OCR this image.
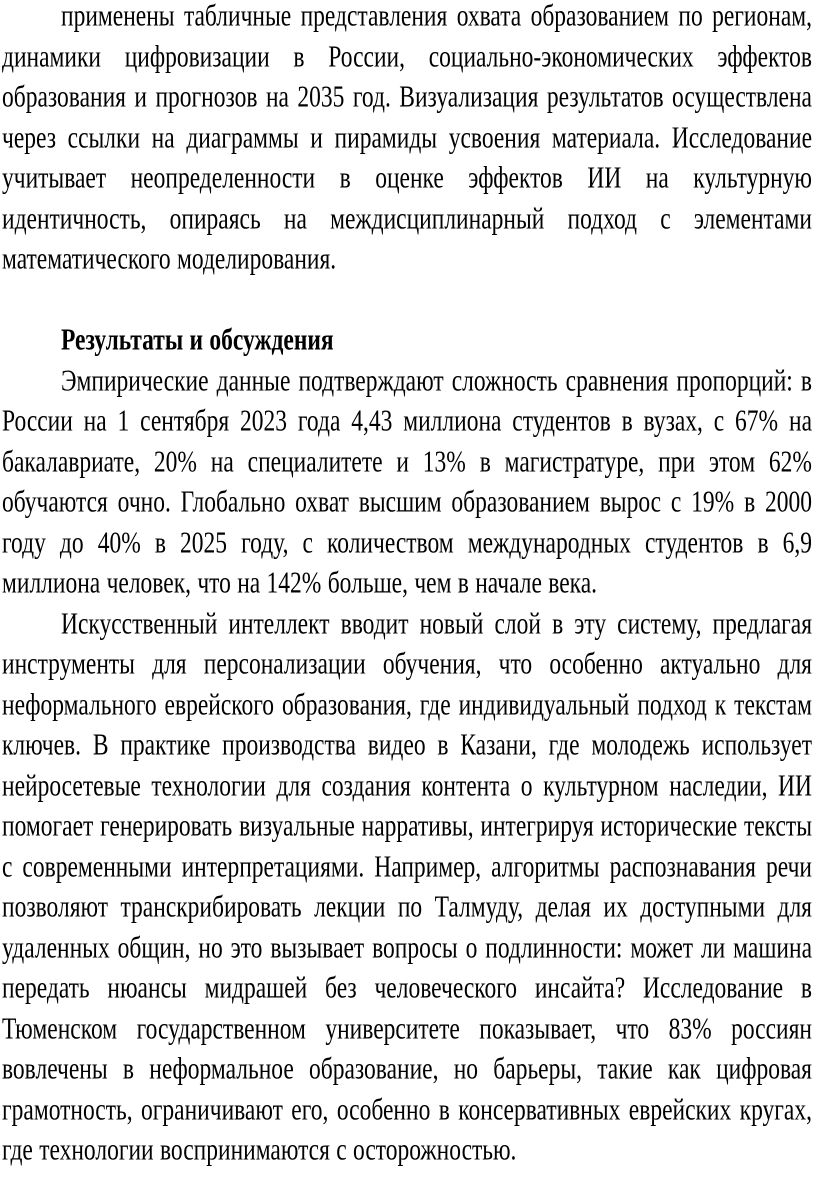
применены табличные представления охвата образованием по регионам,
динамики цифровизации в России, социально-экономических эффектов
образования и прогнозов на 2035 год. Визуализация результатов осуществлена
через ссылки на диаграммы и пирамиды усвоения материала. Исследование
учитывает неопределенности в оценке эффектов ИИ на культурную
идентичность, опираясь на междисциплинарный подход с элементами
математического моделирования.
Результаты и обсуждения
Эмпирические данные подтверждают сложность сравнения пропорций: в
России на 1 сентября 2023 года 4,43 миллиона студентов в вузах, с 67% на
бакалавриате, 20% на специалитете и 13% в магистратуре, при этом 62%
обучаются очно. Глобально охват высшим образованием вырос с 19% в 2000
году до 40% в 2025 году, с количеством международных студентов в 6,9
миллиона человек, что на 142% больше, чем в начале века.
Искусственный интеллект вводит новый слой в эту систему, предлагая
инструменты для персонализации обучения, что особенно актуально для
неформального еврейского образования, где индивидуальный подход к текстам
ключев. В практике производства видео в Казани, где молодежь использует
нейросетевые технологии для создания контента о культурном наследии, ИИ
помогает генерировать визуальные нарративы, интегрируя исторические тексты
с современными интерпретациями. Например, алгоритмы распознавания речи
позволяют транскрибировать лекции по Талмуду, делая их доступными для
удаленных общин, но это вызывает вопросы о подлинности: может ли машина
передать нюансы мидрашей без человеческого инсайта? Исследование в
Тюменском государственном университете показывает, что 83% россиян
вовлечены в неформальное образование, но барьеры, такие как цифровая
грамотность, ограничивают его, особенно в консервативных еврейских кругах,
где технологии воспринимаются с осторожностью.
